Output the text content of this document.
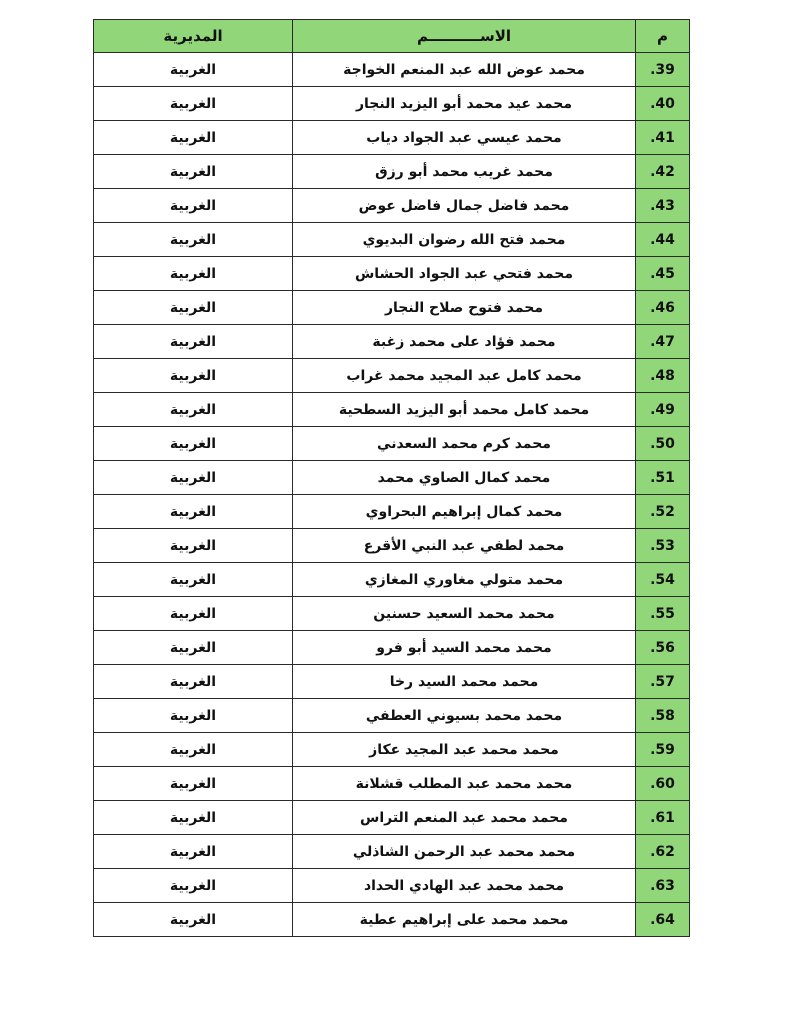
م	الاســــــــــم	المديرية
.39	محمد عوض الله عبد المنعم الخواجة	الغربية
.40	محمد عيد محمد أبو اليزيد النجار	الغربية
.41	محمد عيسي عبد الجواد دياب	الغربية
.42	محمد غريب محمد أبو رزق	الغربية
.43	محمد فاضل جمال فاضل عوض	الغربية
.44	محمد فتح الله رضوان البديوي	الغربية
.45	محمد فتحي عبد الجواد الحشاش	الغربية
.46	محمد فتوح صلاح النجار	الغربية
.47	محمد فؤاد على محمد زغبة	الغربية
.48	محمد كامل عبد المجيد محمد غراب	الغربية
.49	محمد كامل محمد أبو اليزيد السطحية	الغربية
.50	محمد كرم محمد السعدني	الغربية
.51	محمد كمال الصاوي محمد	الغربية
.52	محمد كمال إبراهيم البحراوي	الغربية
.53	محمد لطفي عبد النبي الأقرع	الغربية
.54	محمد متولي مغاوري المغازي	الغربية
.55	محمد محمد السعيد حسنين	الغربية
.56	محمد محمد السيد أبو فرو	الغربية
.57	محمد محمد السيد رخا	الغربية
.58	محمد محمد بسيوني العطفي	الغربية
.59	محمد محمد عبد المجيد عكاز	الغربية
.60	محمد محمد عبد المطلب قشلانة	الغربية
.61	محمد محمد عبد المنعم التراس	الغربية
.62	محمد محمد عبد الرحمن الشاذلي	الغربية
.63	محمد محمد عبد الهادي الحداد	الغربية
.64	محمد محمد على إبراهيم عطية	الغربية
